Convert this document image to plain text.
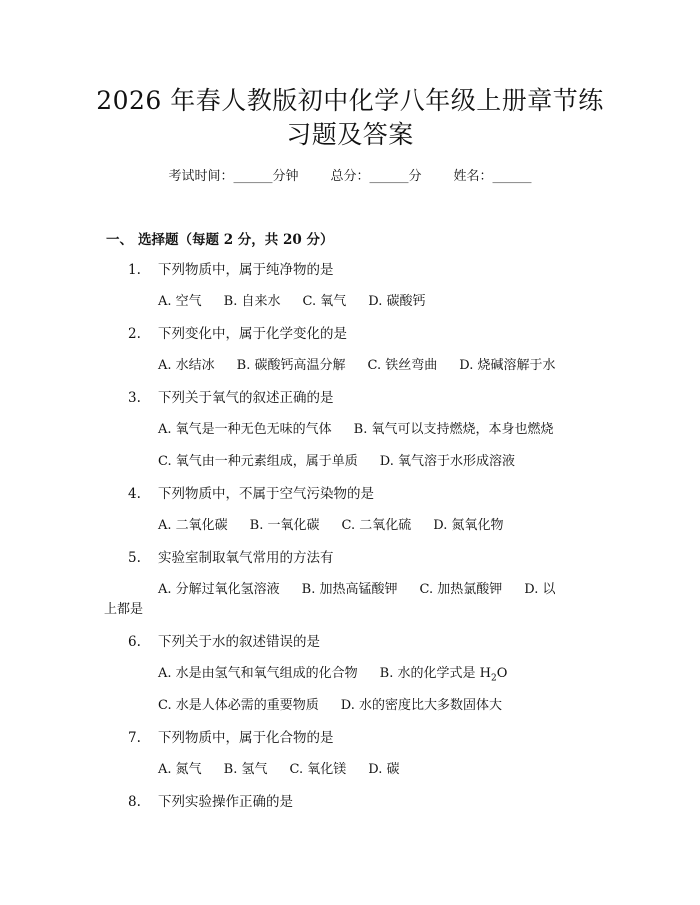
2026 年春人教版初中化学八年级上册章节练
习题及答案
考试时间：______分钟 总分：______分 姓名：______
一、 选择题（每题 2 分，共 20 分）
1. 下列物质中，属于纯净物的是
A. 空气 B. 自来水 C. 氧气 D. 碳酸钙
2. 下列变化中，属于化学变化的是
A. 水结冰 B. 碳酸钙高温分解 C. 铁丝弯曲 D. 烧碱溶解于水
3. 下列关于氧气的叙述正确的是
A. 氧气是一种无色无味的气体 B. 氧气可以支持燃烧，本身也燃烧
C. 氧气由一种元素组成，属于单质 D. 氧气溶于水形成溶液
4. 下列物质中，不属于空气污染物的是
A. 二氧化碳 B. 一氧化碳 C. 二氧化硫 D. 氮氧化物
5. 实验室制取氧气常用的方法有
A. 分解过氧化氢溶液 B. 加热高锰酸钾 C. 加热氯酸钾 D. 以
上都是
6. 下列关于水的叙述错误的是
A. 水是由氢气和氧气组成的化合物 B. 水的化学式是 $H_2O$
C. 水是人体必需的重要物质 D. 水的密度比大多数固体大
7. 下列物质中，属于化合物的是
A. 氮气 B. 氢气 C. 氧化镁 D. 碳
8. 下列实验操作正确的是
